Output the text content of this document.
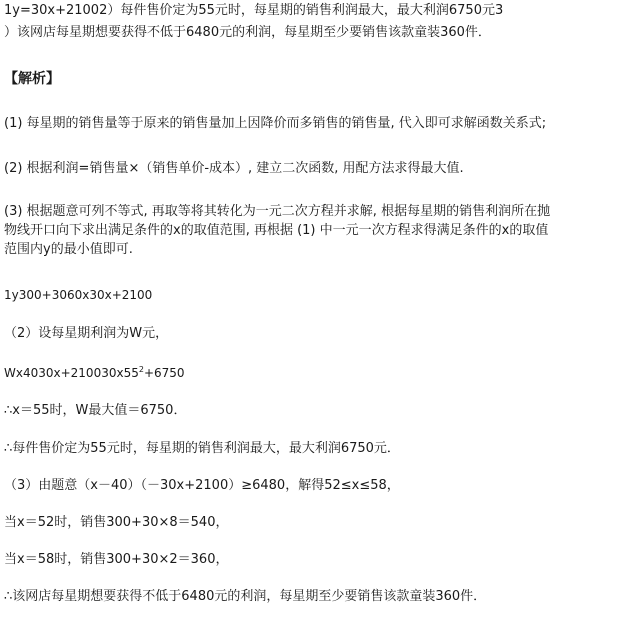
1y=30x+21002）每件售价定为55元时，每星期的销售利润最大，最大利润6750元3
）该网店每星期想要获得不低于6480元的利润，每星期至少要销售该款童装360件．
【解析】
(1) 每星期的销售量等于原来的销售量加上因降价而多销售的销售量, 代入即可求解函数关系式;
(2) 根据利润=销售量×（销售单价-成本）, 建立二次函数, 用配方法求得最大值.
(3) 根据题意可列不等式, 再取等将其转化为一元二次方程并求解, 根据每星期的销售利润所在抛
物线开口向下求出满足条件的x的取值范围, 再根据 (1) 中一元一次方程求得满足条件的x的取值
范围内y的最小值即可.
1y300+3060x30x+2100
（2）设每星期利润为W元，
$Wx4030x+210030x55^2+6750$
∴x＝55时，W最大值＝6750．
∴每件售价定为55元时，每星期的销售利润最大，最大利润6750元．
（3）由题意（x－40）（－30x+2100）≥6480，解得52≤x≤58，
当x＝52时，销售300+30×8＝540，
当x＝58时，销售300+30×2＝360，
∴该网店每星期想要获得不低于6480元的利润，每星期至少要销售该款童装360件．
